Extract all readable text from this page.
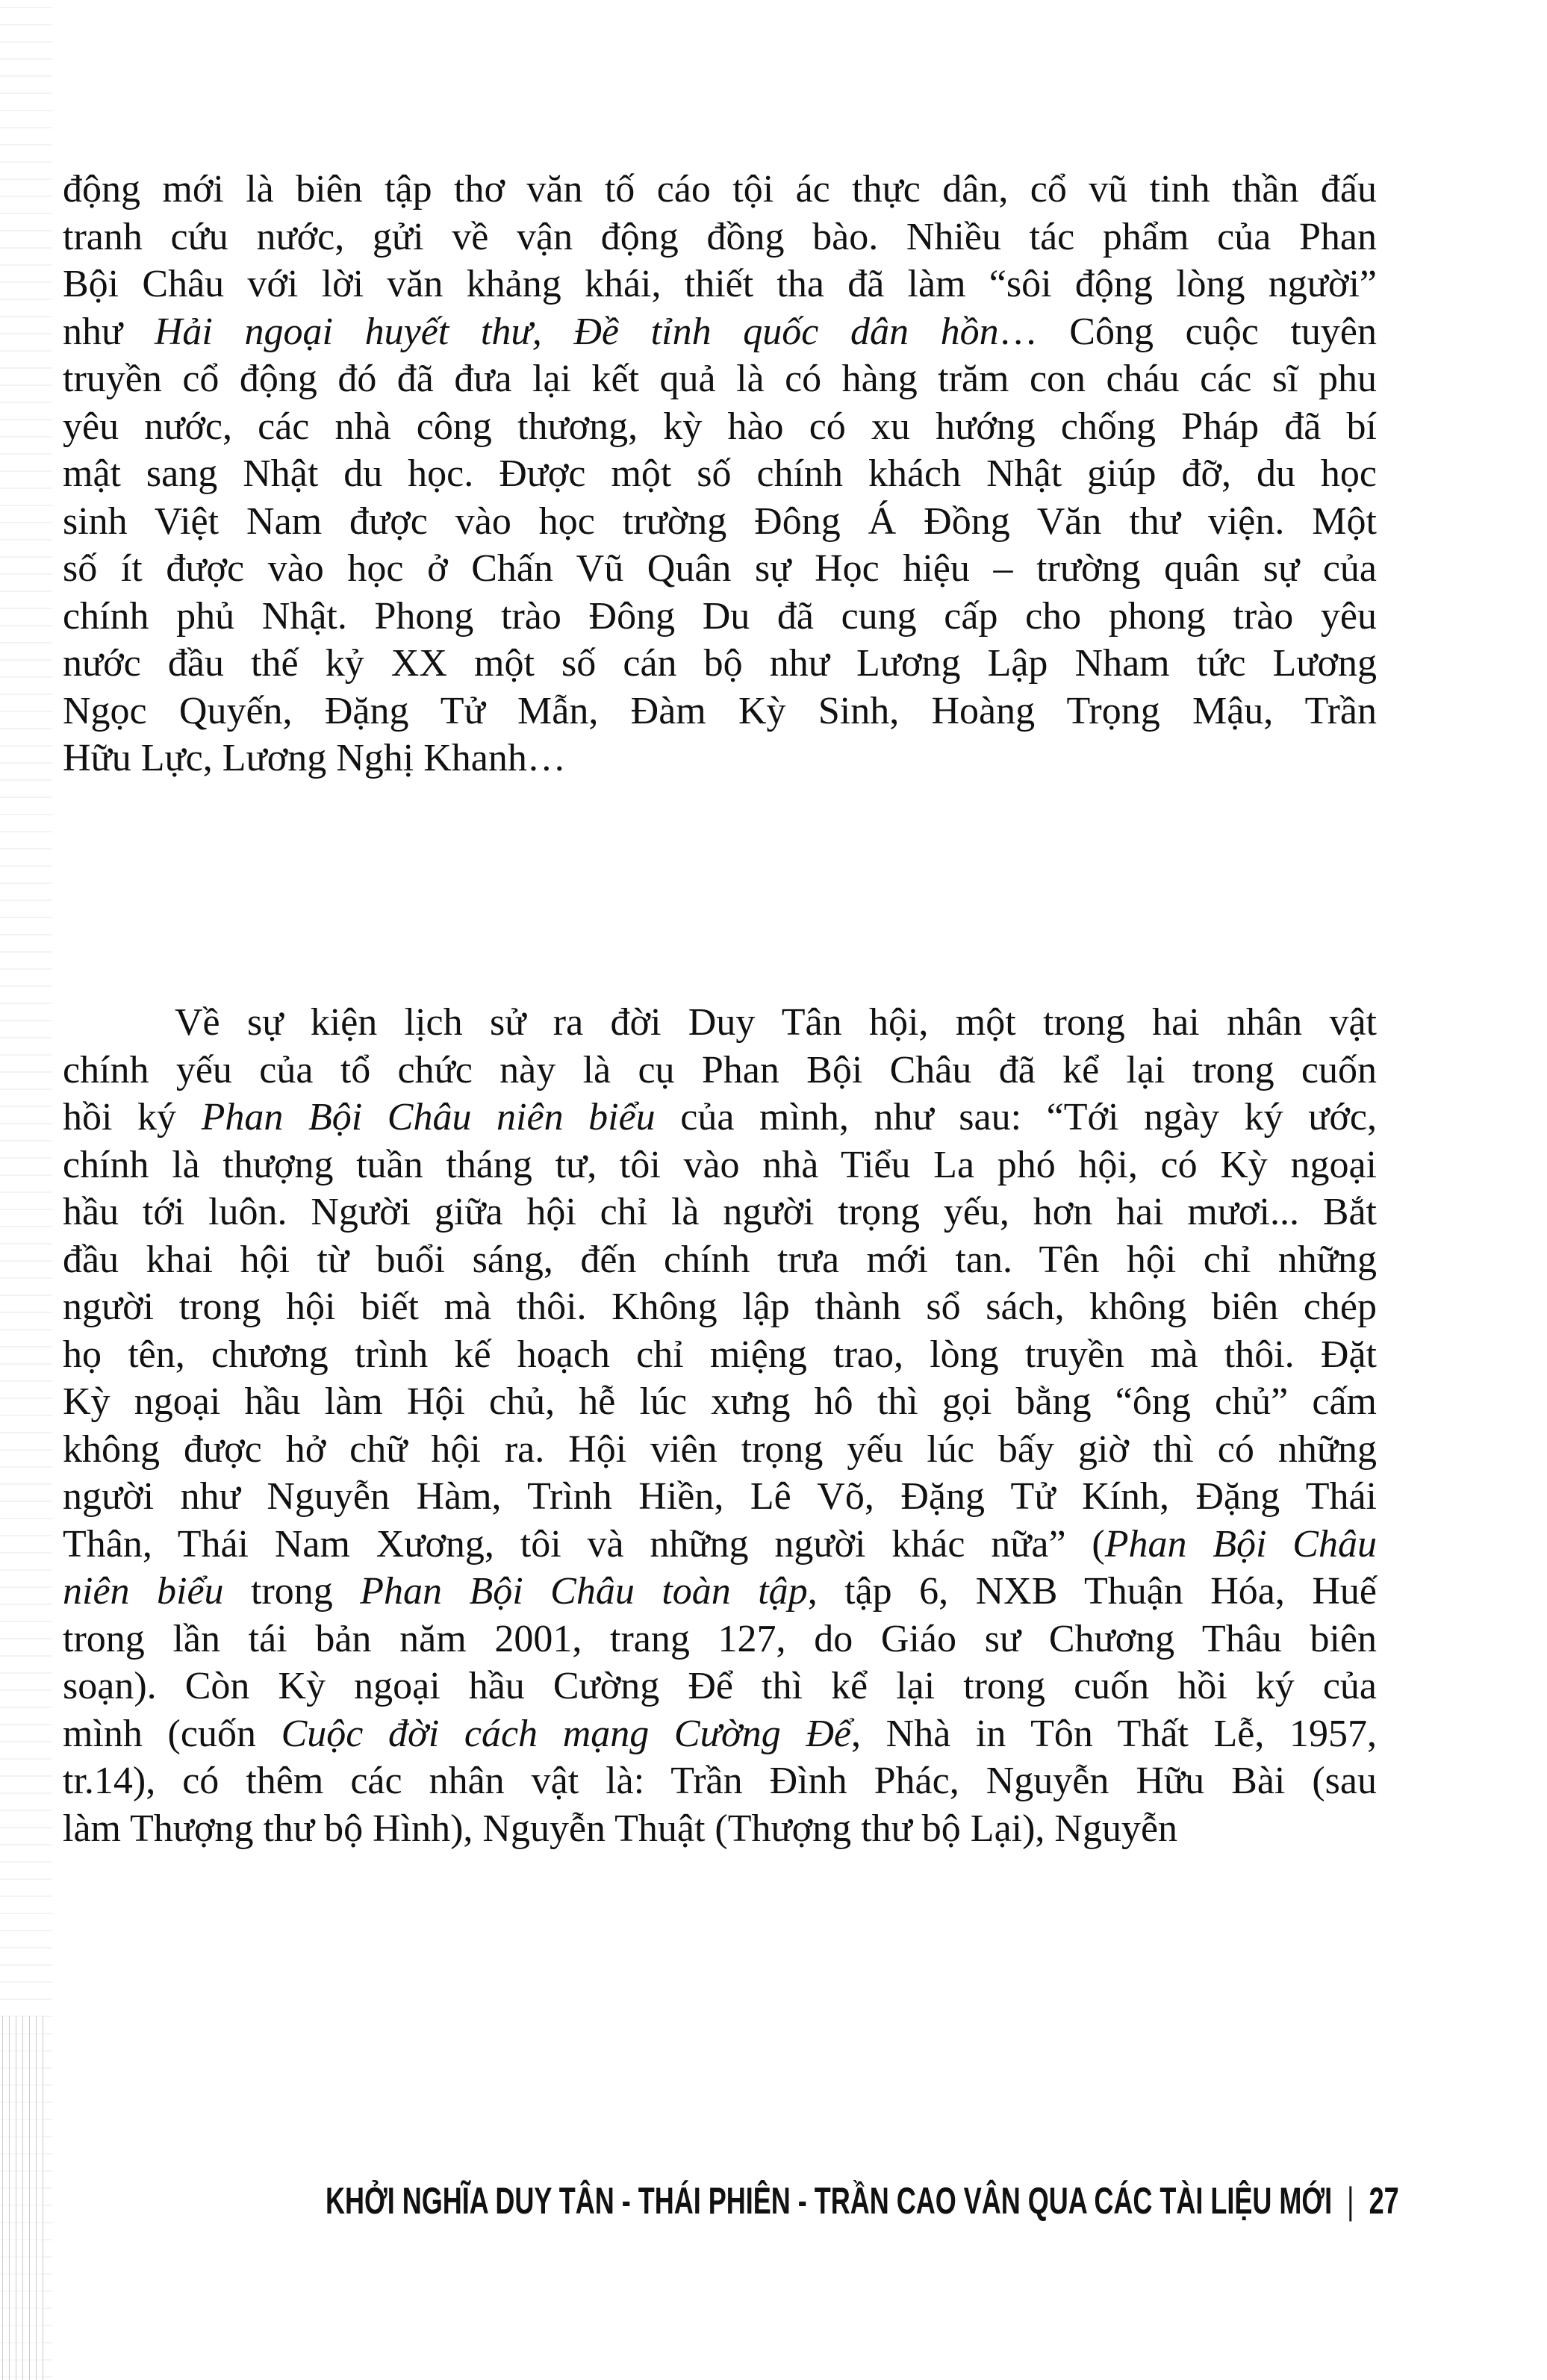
động mới là biên tập thơ văn tố cáo tội ác thực dân, cổ vũ tinh thần đấu
tranh cứu nước, gửi về vận động đồng bào. Nhiều tác phẩm của Phan
Bội Châu với lời văn khảng khái, thiết tha đã làm “sôi động lòng người”
như Hải ngoại huyết thư, Đề tỉnh quốc dân hồn… Công cuộc tuyên
truyền cổ động đó đã đưa lại kết quả là có hàng trăm con cháu các sĩ phu
yêu nước, các nhà công thương, kỳ hào có xu hướng chống Pháp đã bí
mật sang Nhật du học. Được một số chính khách Nhật giúp đỡ, du học
sinh Việt Nam được vào học trường Đông Á Đồng Văn thư viện. Một
số ít được vào học ở Chấn Vũ Quân sự Học hiệu – trường quân sự của
chính phủ Nhật. Phong trào Đông Du đã cung cấp cho phong trào yêu
nước đầu thế kỷ XX một số cán bộ như Lương Lập Nham tức Lương
Ngọc Quyến, Đặng Tử Mẫn, Đàm Kỳ Sinh, Hoàng Trọng Mậu, Trần
Hữu Lực, Lương Nghị Khanh…
Về sự kiện lịch sử ra đời Duy Tân hội, một trong hai nhân vật
chính yếu của tổ chức này là cụ Phan Bội Châu đã kể lại trong cuốn
hồi ký Phan Bội Châu niên biểu của mình, như sau: “Tới ngày ký ước,
chính là thượng tuần tháng tư, tôi vào nhà Tiểu La phó hội, có Kỳ ngoại
hầu tới luôn. Người giữa hội chỉ là người trọng yếu, hơn hai mươi... Bắt
đầu khai hội từ buổi sáng, đến chính trưa mới tan. Tên hội chỉ những
người trong hội biết mà thôi. Không lập thành sổ sách, không biên chép
họ tên, chương trình kế hoạch chỉ miệng trao, lòng truyền mà thôi. Đặt
Kỳ ngoại hầu làm Hội chủ, hễ lúc xưng hô thì gọi bằng “ông chủ” cấm
không được hở chữ hội ra. Hội viên trọng yếu lúc bấy giờ thì có những
người như Nguyễn Hàm, Trình Hiền, Lê Võ, Đặng Tử Kính, Đặng Thái
Thân, Thái Nam Xương, tôi và những người khác nữa” (Phan Bội Châu
niên biểu trong Phan Bội Châu toàn tập, tập 6, NXB Thuận Hóa, Huế
trong lần tái bản năm 2001, trang 127, do Giáo sư Chương Thâu biên
soạn). Còn Kỳ ngoại hầu Cường Để thì kể lại trong cuốn hồi ký của
mình (cuốn Cuộc đời cách mạng Cường Để, Nhà in Tôn Thất Lễ, 1957,
tr.14), có thêm các nhân vật là: Trần Đình Phác, Nguyễn Hữu Bài (sau
làm Thượng thư bộ Hình), Nguyễn Thuật (Thượng thư bộ Lại), Nguyễn
KHỞI NGHĨA DUY TÂN - THÁI PHIÊN - TRẦN CAO VÂN QUA CÁC TÀI LIỆU MỚI | 27
